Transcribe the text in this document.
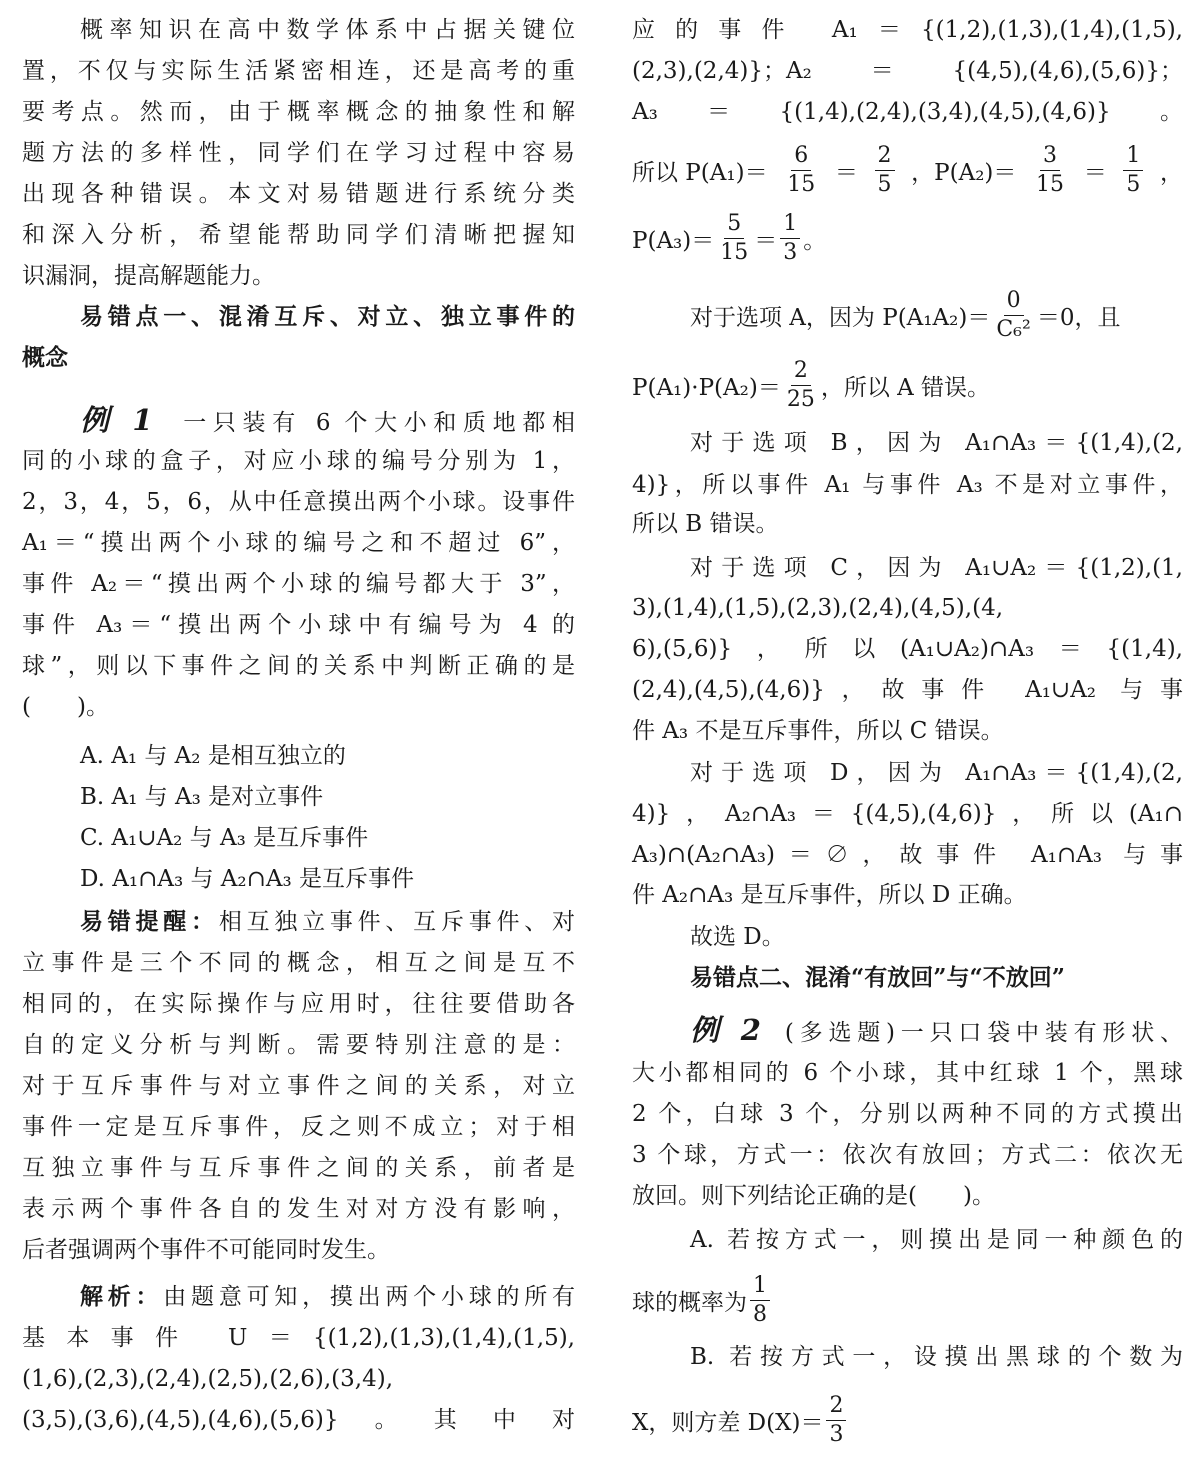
概率知识在高中数学体系中占据关键位
置，不仅与实际生活紧密相连，还是高考的重
要考点。然而，由于概率概念的抽象性和解
题方法的多样性，同学们在学习过程中容易
出现各种错误。本文对易错题进行系统分类
和深入分析，希望能帮助同学们清晰把握知
识漏洞，提高解题能力。
易错点一、混淆互斥、对立、独立事件的
概念
例 1 一只装有 6 个大小和质地都相
同的小球的盒子，对应小球的编号分别为 1，
2，3，4，5，6，从中任意摸出两个小球。设事件
A₁＝“摸出两个小球的编号之和不超过 6”，
事件 A₂＝“摸出两个小球的编号都大于 3”，
事件 A₃＝“摸出两个小球中有编号为 4 的
球”，则以下事件之间的关系中判断正确的是
(　　)。
A. A₁ 与 A₂ 是相互独立的
B. A₁ 与 A₃ 是对立事件
C. A₁∪A₂ 与 A₃ 是互斥事件
D. A₁∩A₃ 与 A₂∩A₃ 是互斥事件
易错提醒：相互独立事件、互斥事件、对
立事件是三个不同的概念，相互之间是互不
相同的，在实际操作与应用时，往往要借助各
自的定义分析与判断。需要特别注意的是：
对于互斥事件与对立事件之间的关系，对立
事件一定是互斥事件，反之则不成立；对于相
互独立事件与互斥事件之间的关系，前者是
表示两个事件各自的发生对对方没有影响，
后者强调两个事件不可能同时发生。
解析：由题意可知，摸出两个小球的所有
基本事件 U＝{(1,2),(1,3),(1,4),(1,5),
(1,6),(2,3),(2,4),(2,5),(2,6),(3,4),
(3,5),(3,6),(4,5),(4,6),(5,6)}。其中对
应的事件 A₁＝{(1,2),(1,3),(1,4),(1,5),
(2,3),(2,4)}；A₂＝{(4,5),(4,6),(5,6)}；
A₃＝{(1,4),(2,4),(3,4),(4,5),(4,6)}。
所以 $P(A_1)= \frac{6}{15} = \frac{2}{5}$ ，$P(A_2)= \frac{3}{15} = \frac{1}{5}$ ，
$P(A_3)= \frac{5}{15} = \frac{1}{3}$ 。
对于选项 A，因为 $P(A_1A_2)= \frac{0}{\text{C₆²}} =0$，且
$P(A_1)\cdot P(A_2)= \frac{2}{25}$ ，所以 A 错误。
对于选项 B，因为 A₁∩A₃＝{(1,4),(2,
4)}，所以事件 A₁ 与事件 A₃ 不是对立事件，
所以 B 错误。
对于选项 C，因为 A₁∪A₂＝{(1,2),(1,
3),(1,4),(1,5),(2,3),(2,4),(4,5),(4,
6),(5,6)}，所以(A₁∪A₂)∩A₃＝{(1,4),
(2,4),(4,5),(4,6)}，故事件 A₁∪A₂ 与事
件 A₃ 不是互斥事件，所以 C 错误。
对于选项 D，因为 A₁∩A₃＝{(1,4),(2,
4)}，A₂∩A₃＝{(4,5),(4,6)}，所以(A₁∩
A₃)∩(A₂∩A₃)＝∅，故事件 A₁∩A₃ 与事
件 A₂∩A₃ 是互斥事件，所以 D 正确。
故选 D。
易错点二、混淆“有放回”与“不放回”
例 2 (多选题)一只口袋中装有形状、
大小都相同的 6 个小球，其中红球 1 个，黑球
2 个，白球 3 个，分别以两种不同的方式摸出
3 个球，方式一：依次有放回；方式二：依次无
放回。则下列结论正确的是(　　)。
A. 若按方式一，则摸出是同一种颜色的
球的概率为 $\frac{1}{8}$
B. 若按方式一，设摸出黑球的个数为
X，则方差 $D(X)= \frac{2}{3}$
